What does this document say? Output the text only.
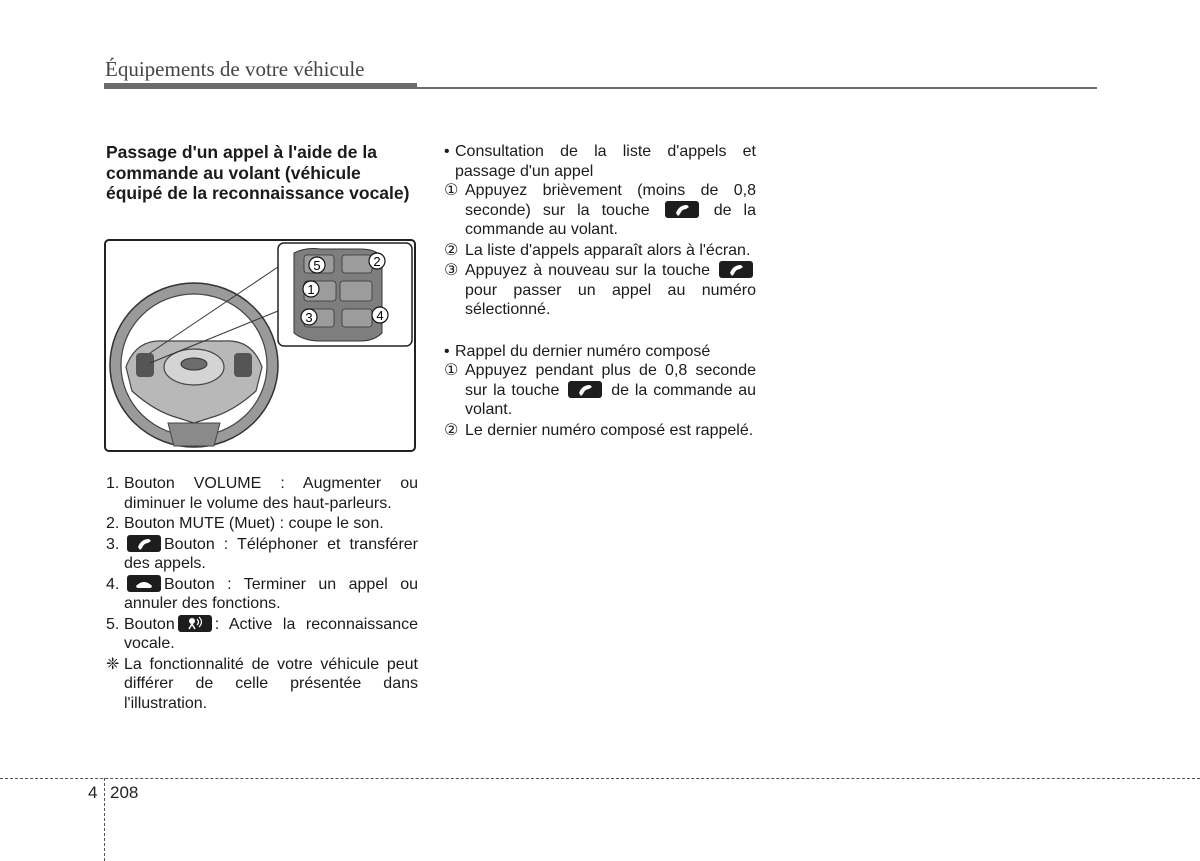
Équipements de votre véhicule

Passage d'un appel à l'aide de la commande au volant (véhicule équipé de la reconnaissance vocale)

5	2
1
3	4
1. Bouton VOLUME : Augmenter ou diminuer le volume des haut-parleurs.
2. Bouton MUTE (Muet) : coupe le son.
3.	Bouton : Téléphoner et transférer des appels.
4.	Bouton : Terminer un appel ou annuler des fonctions.
5. Bouton	: Active la reconnaissance vocale.
❈ La fonctionnalité de votre véhicule peut différer de celle présentée dans l'illustration.
• Consultation de la liste d'appels et passage d'un appel
① Appuyez brièvement (moins de 0,8 seconde) sur la touche	de la commande au volant.
② La liste d'appels apparaît alors à l'écran.
③ Appuyez à nouveau sur la touche
pour passer un appel au numéro sélectionné.
• Rappel du dernier numéro composé
① Appuyez pendant plus de 0,8 seconde sur la touche	de la commande au volant.
② Le dernier numéro composé est rappelé.
4 208
